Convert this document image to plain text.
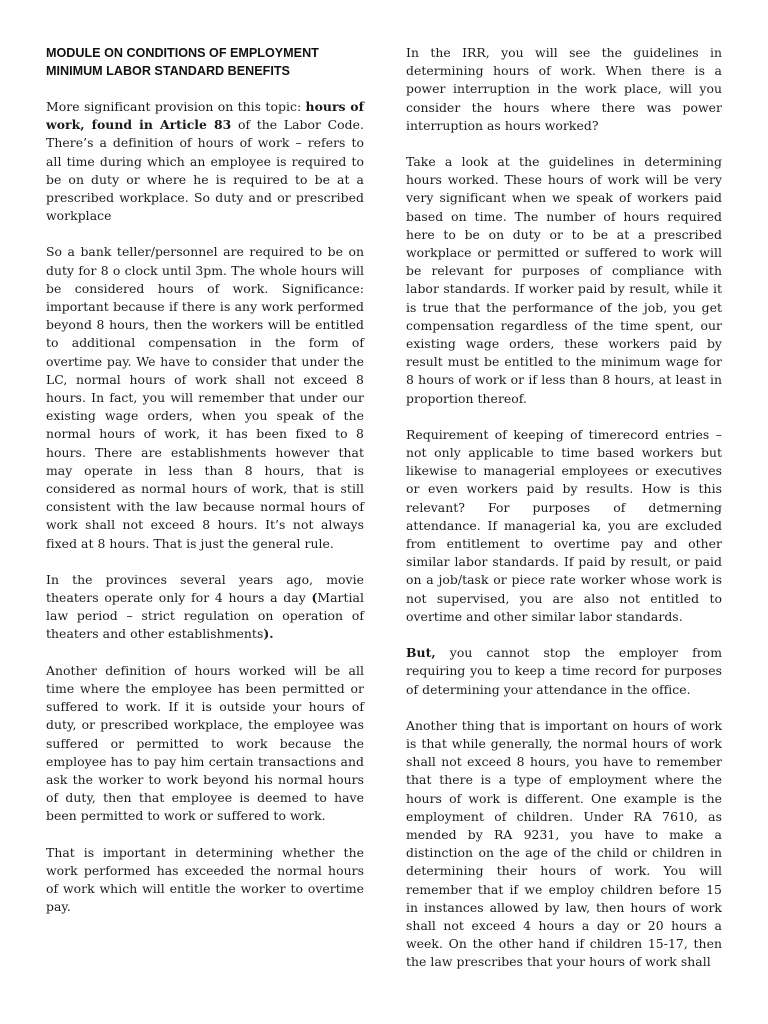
MODULE ON CONDITIONS OF EMPLOYMENT
MINIMUM LABOR STANDARD BENEFITS

More significant provision on this topic: hours of work, found in Article 83 of the Labor Code. There’s a definition of hours of work – refers to all time during which an employee is required to be on duty or where he is required to be at a prescribed workplace. So duty and or prescribed workplace

So a bank teller/personnel are required to be on duty for 8 o clock until 3pm. The whole hours will be considered hours of work. Significance: important because if there is any work performed beyond 8 hours, then the workers will be entitled to additional compensation in the form of overtime pay. We have to consider that under the LC, normal hours of work shall not exceed 8 hours. In fact, you will remember that under our existing wage orders, when you speak of the normal hours of work, it has been fixed to 8 hours. There are establishments however that may operate in less than 8 hours, that is considered as normal hours of work, that is still consistent with the law because normal hours of work shall not exceed 8 hours. It’s not always fixed at 8 hours. That is just the general rule.

In the provinces several years ago, movie theaters operate only for 4 hours a day (Martial law period – strict regulation on operation of theaters and other establishments).

Another definition of hours worked will be all time where the employee has been permitted or suffered to work. If it is outside your hours of duty, or prescribed workplace, the employee was suffered or permitted to work because the employee has to pay him certain transactions and ask the worker to work beyond his normal hours of duty, then that employee is deemed to have been permitted to work or suffered to work.

That is important in determining whether the work performed has exceeded the normal hours of work which will entitle the worker to overtime pay.

In the IRR, you will see the guidelines in determining hours of work. When there is a power interruption in the work place, will you consider the hours where there was power interruption as hours worked?

Take a look at the guidelines in determining hours worked. These hours of work will be very very significant when we speak of workers paid based on time. The number of hours required here to be on duty or to be at a prescribed workplace or permitted or suffered to work will be relevant for purposes of compliance with labor standards. If worker paid by result, while it is true that the performance of the job, you get compensation regardless of the time spent, our existing wage orders, these workers paid by result must be entitled to the minimum wage for 8 hours of work or if less than 8 hours, at least in proportion thereof.

Requirement of keeping of timerecord entries – not only applicable to time based workers but likewise to managerial employees or executives or even workers paid by results. How is this relevant? For purposes of detmerning attendance. If managerial ka, you are excluded from entitlement to overtime pay and other similar labor standards. If paid by result, or paid on a job/task or piece rate worker whose work is not supervised, you are also not entitled to overtime and other similar labor standards.

But, you cannot stop the employer from requiring you to keep a time record for purposes of determining your attendance in the office.

Another thing that is important on hours of work is that while generally, the normal hours of work shall not exceed 8 hours, you have to remember that there is a type of employment where the hours of work is different. One example is the employment of children. Under RA 7610, as mended by RA 9231, you have to make a distinction on the age of the child or children in determining their hours of work. You will remember that if we employ children before 15 in instances allowed by law, then hours of work shall not exceed 4 hours a day or 20 hours a week. On the other hand if children 15-17, then the law prescribes that your hours of work shall
